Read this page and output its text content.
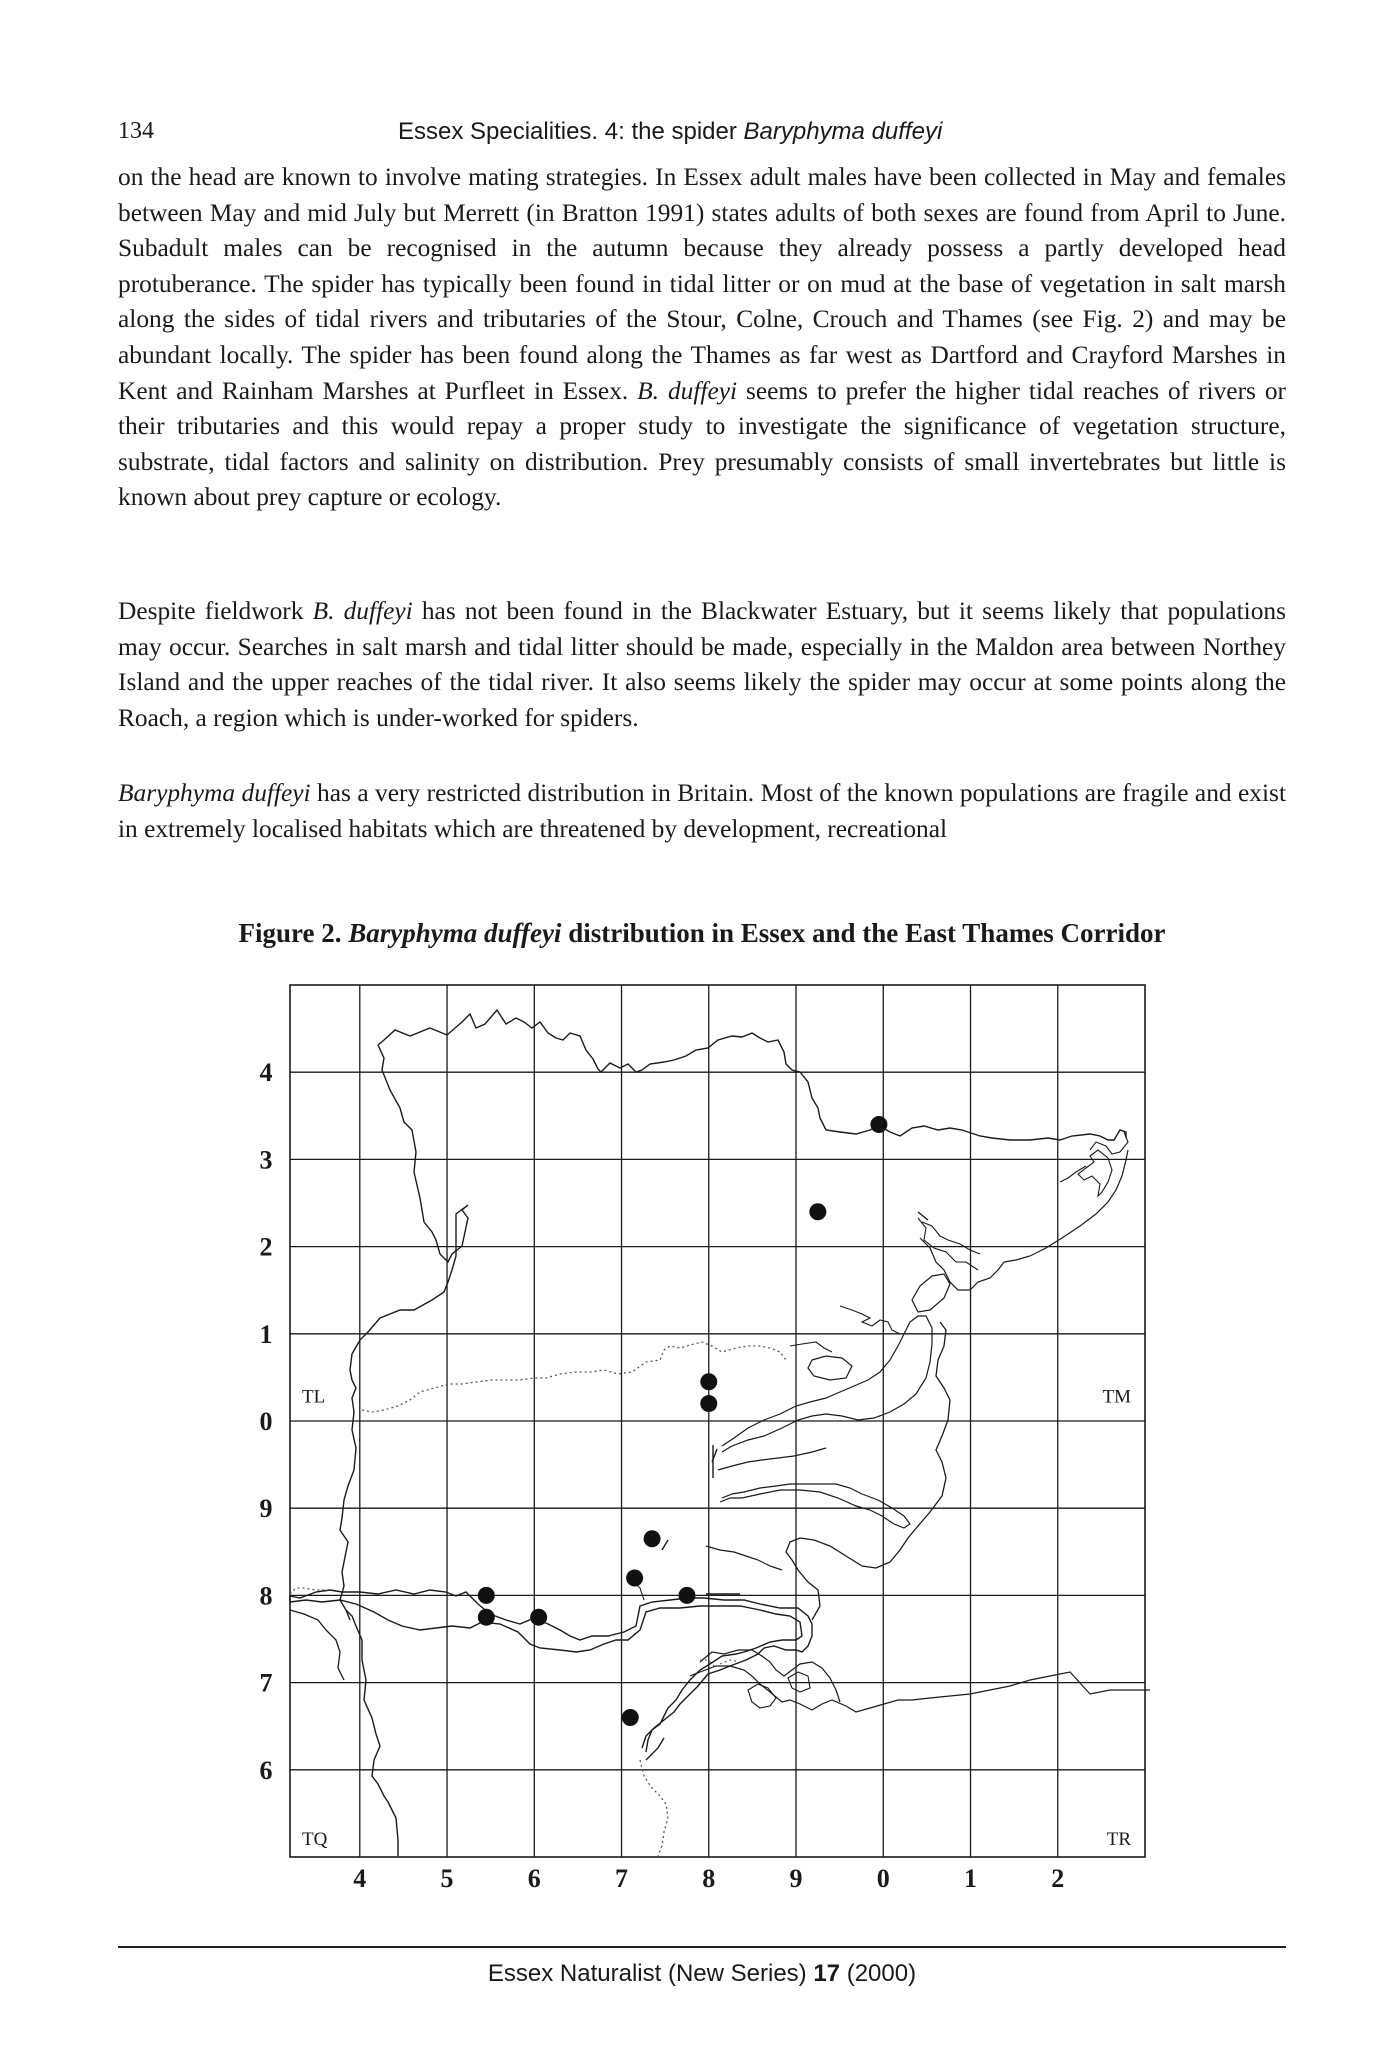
134	Essex Specialities. 4: the spider Baryphyma duffeyi
on the head are known to involve mating strategies. In Essex adult males have been collected in May and females between May and mid July but Merrett (in Bratton 1991) states adults of both sexes are found from April to June. Subadult males can be recognised in the autumn because they already possess a partly developed head protuberance. The spider has typically been found in tidal litter or on mud at the base of vegetation in salt marsh along the sides of tidal rivers and tributaries of the Stour, Colne, Crouch and Thames (see Fig. 2) and may be abundant locally. The spider has been found along the Thames as far west as Dartford and Crayford Marshes in Kent and Rainham Marshes at Purfleet in Essex. B. duffeyi seems to prefer the higher tidal reaches of rivers or their tributaries and this would repay a proper study to investigate the significance of vegetation structure, substrate, tidal factors and salinity on distribution. Prey presumably consists of small invertebrates but little is known about prey capture or ecology.
Despite fieldwork B. duffeyi has not been found in the Blackwater Estuary, but it seems likely that populations may occur. Searches in salt marsh and tidal litter should be made, especially in the Maldon area between Northey Island and the upper reaches of the tidal river. It also seems likely the spider may occur at some points along the Roach, a region which is under-worked for spiders.
Baryphyma duffeyi has a very restricted distribution in Britain. Most of the known populations are fragile and exist in extremely localised habitats which are threatened by development, recreational
Figure 2. Baryphyma duffeyi distribution in Essex and the East Thames Corridor
4
3
2
1
0
9
8
7
6
4	5	6	7	8	9	0	1	2
TL	TM
TQ	TR
Essex Naturalist (New Series) 17 (2000)
